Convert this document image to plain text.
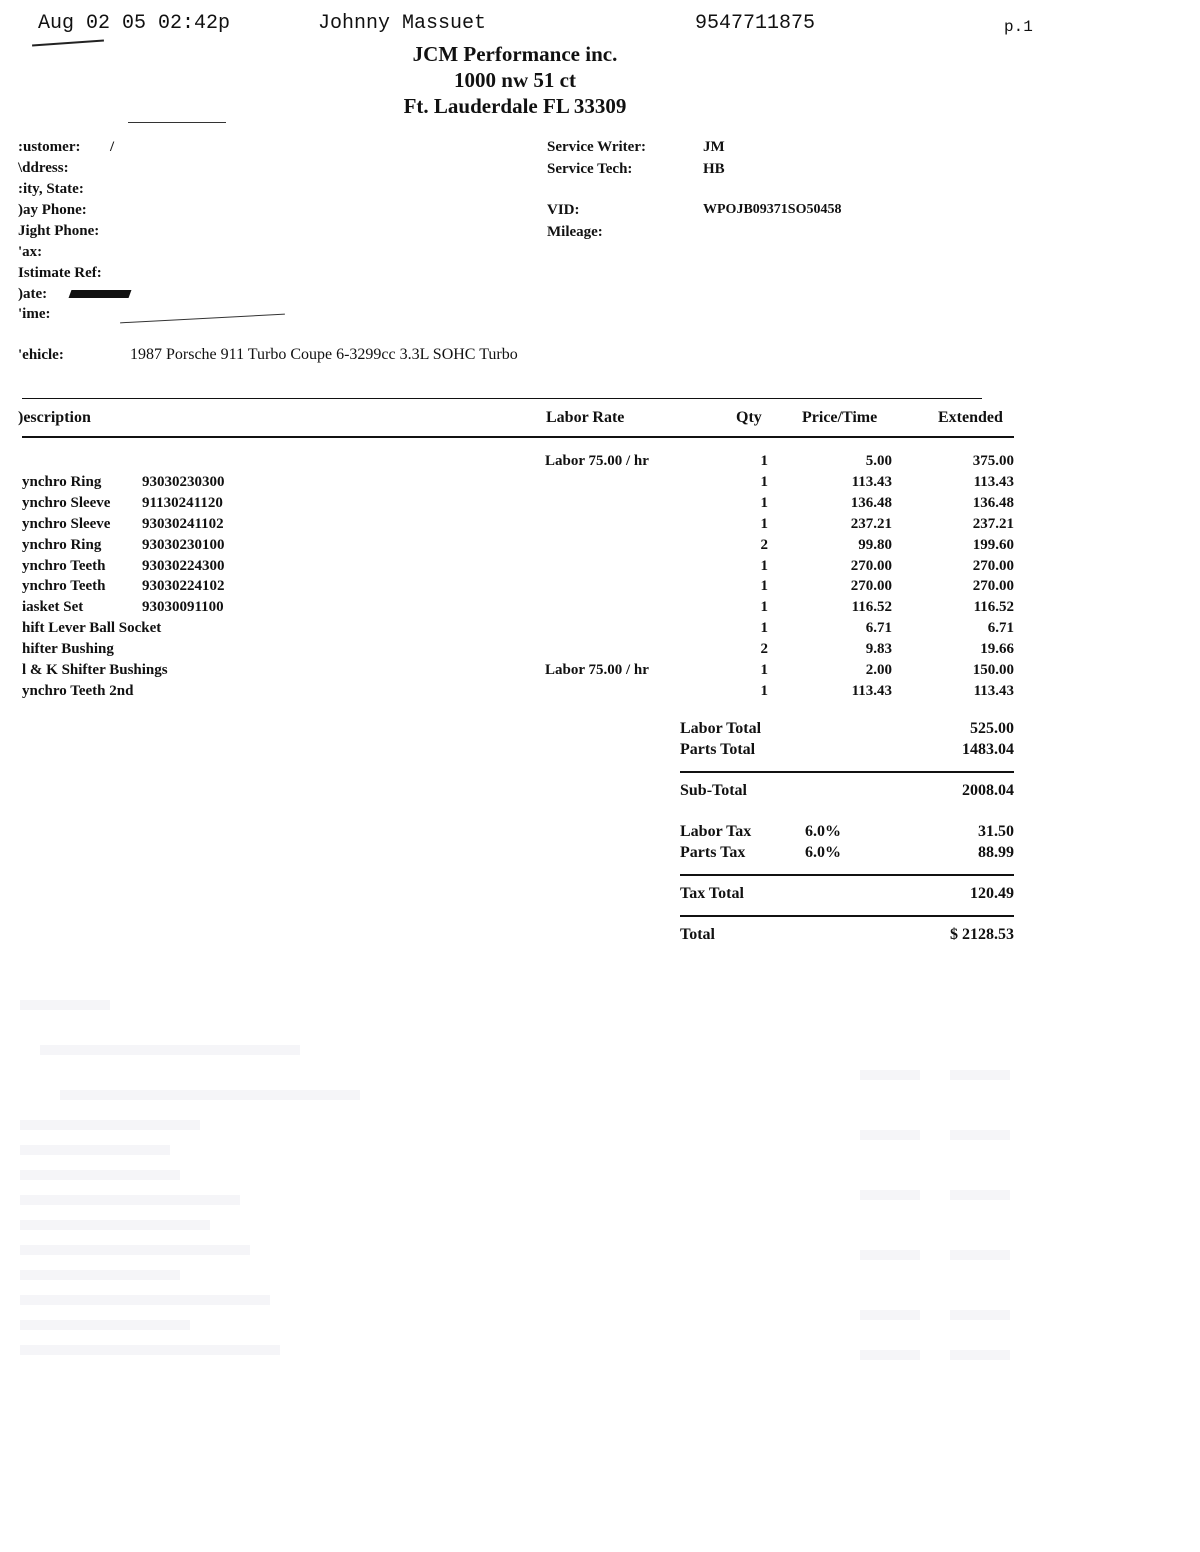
Aug 02 05 02:42p	Johnny Massuet	9547711875	p.1
JCM Performance inc.
1000 nw 51 ct
Ft. Lauderdale FL 33309
:ustomer: /
\ddress:
:ity, State:
)ay Phone:
Jight Phone:
'ax:
Istimate Ref:
)ate:
'ime:
Service Writer:	JM
Service Tech:	HB
VID:	WPOJB09371SO50458
Mileage:
'ehicle:	1987 Porsche 911 Turbo Coupe 6-3299cc 3.3L SOHC Turbo
)escription	Labor Rate	Qty	Price/Time	Extended
Labor 75.00 / hr	1	5.00	375.00
ynchro Ring	93030230300	1	113.43	113.43
ynchro Sleeve 91130241120	1	136.48	136.48
ynchro Sleeve 93030241102	1	237.21	237.21
ynchro Ring	93030230100	2	99.80	199.60
ynchro Teeth 93030224300	1	270.00	270.00
ynchro Teeth 93030224102	1	270.00	270.00
iasket Set	93030091100	1	116.52	116.52
hift Lever Ball Socket	1	6.71	6.71
hifter Bushing	2	9.83	19.66
l & K Shifter Bushings	Labor 75.00 / hr	1	2.00	150.00
ynchro Teeth 2nd	1	113.43	113.43
Labor Total	525.00
Parts Total	1483.04
Sub-Total	2008.04
Labor Tax	6.0%	31.50
Parts Tax	6.0%	88.99
Tax Total	120.49
Total	$ 2128.53
